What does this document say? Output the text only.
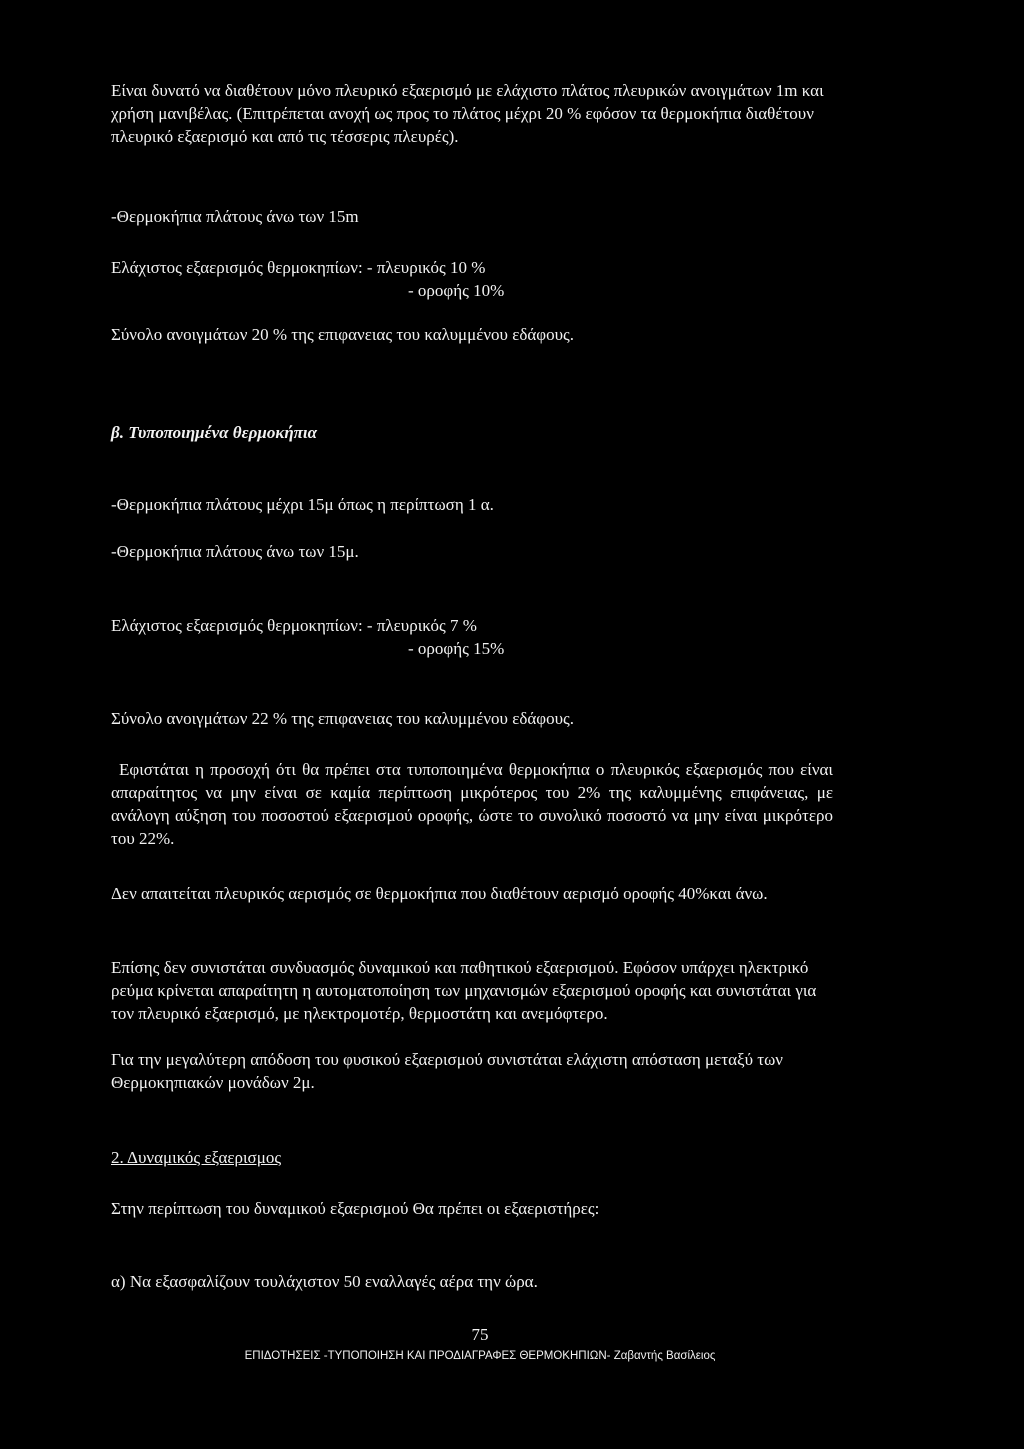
Είναι δυνατό να διαθέτουν μόνο πλευρικό εξαερισμό με ελάχιστο πλάτος πλευρικών ανοιγμάτων 1m και χρήση μανιβέλας. (Επιτρέπεται ανοχή ως προς το πλάτος μέχρι 20 % εφόσον τα θερμοκήπια διαθέτουν πλευρικό εξαερισμό και από τις τέσσερις πλευρές).

-Θερμοκήπια πλάτους άνω των 15m

Ελάχιστος εξαερισμός θερμοκηπίων: - πλευρικός 10 %

- οροφής 10%

Σύνολο ανοιγμάτων 20 % της επιφανειας του καλυμμένου εδάφους.

β. Τυποποιημένα θερμοκήπια

-Θερμοκήπια πλάτους μέχρι 15μ όπως η περίπτωση 1 α.

-Θερμοκήπια πλάτους άνω των 15μ.

Ελάχιστος εξαερισμός θερμοκηπίων: - πλευρικός 7 %

- οροφής 15%

Σύνολο ανοιγμάτων 22 % της επιφανειας του καλυμμένου εδάφους.

Εφιστάται η προσοχή ότι θα πρέπει στα τυποποιημένα θερμοκήπια ο πλευρικός εξαερισμός που είναι απαραίτητος να μην είναι σε καμία περίπτωση μικρότερος του 2% της καλυμμένης επιφάνειας, με ανάλογη αύξηση του ποσοστού εξαερισμού οροφής, ώστε το συνολικό ποσοστό να μην είναι μικρότερο του 22%.

Δεν απαιτείται πλευρικός αερισμός σε θερμοκήπια που διαθέτουν αερισμό οροφής 40%και άνω.

Επίσης δεν συνιστάται συνδυασμός δυναμικού και παθητικού εξαερισμού. Εφόσον υπάρχει ηλεκτρικό ρεύμα κρίνεται απαραίτητη η αυτοματοποίηση των μηχανισμών εξαερισμού οροφής και συνιστάται για τον πλευρικό εξαερισμό, με ηλεκτρομοτέρ, θερμοστάτη και ανεμόφτερο.

Για την μεγαλύτερη απόδοση του φυσικού εξαερισμού συνιστάται ελάχιστη απόσταση μεταξύ των Θερμοκηπιακών μονάδων 2μ.

2. Δυναμικός εξαερισμος

Στην περίπτωση του δυναμικού εξαερισμού Θα πρέπει οι εξαεριστήρες:

α) Να εξασφαλίζουν τουλάχιστον 50 εναλλαγές αέρα την ώρα.

75
ΕΠΙΔΟΤΗΣΕΙΣ -ΤΥΠΟΠΟΙΗΣΗ ΚΑΙ ΠΡΟΔΙΑΓΡΑΦΕΣ ΘΕΡΜΟΚΗΠΙΩΝ- Ζαβαντής Βασίλειος
